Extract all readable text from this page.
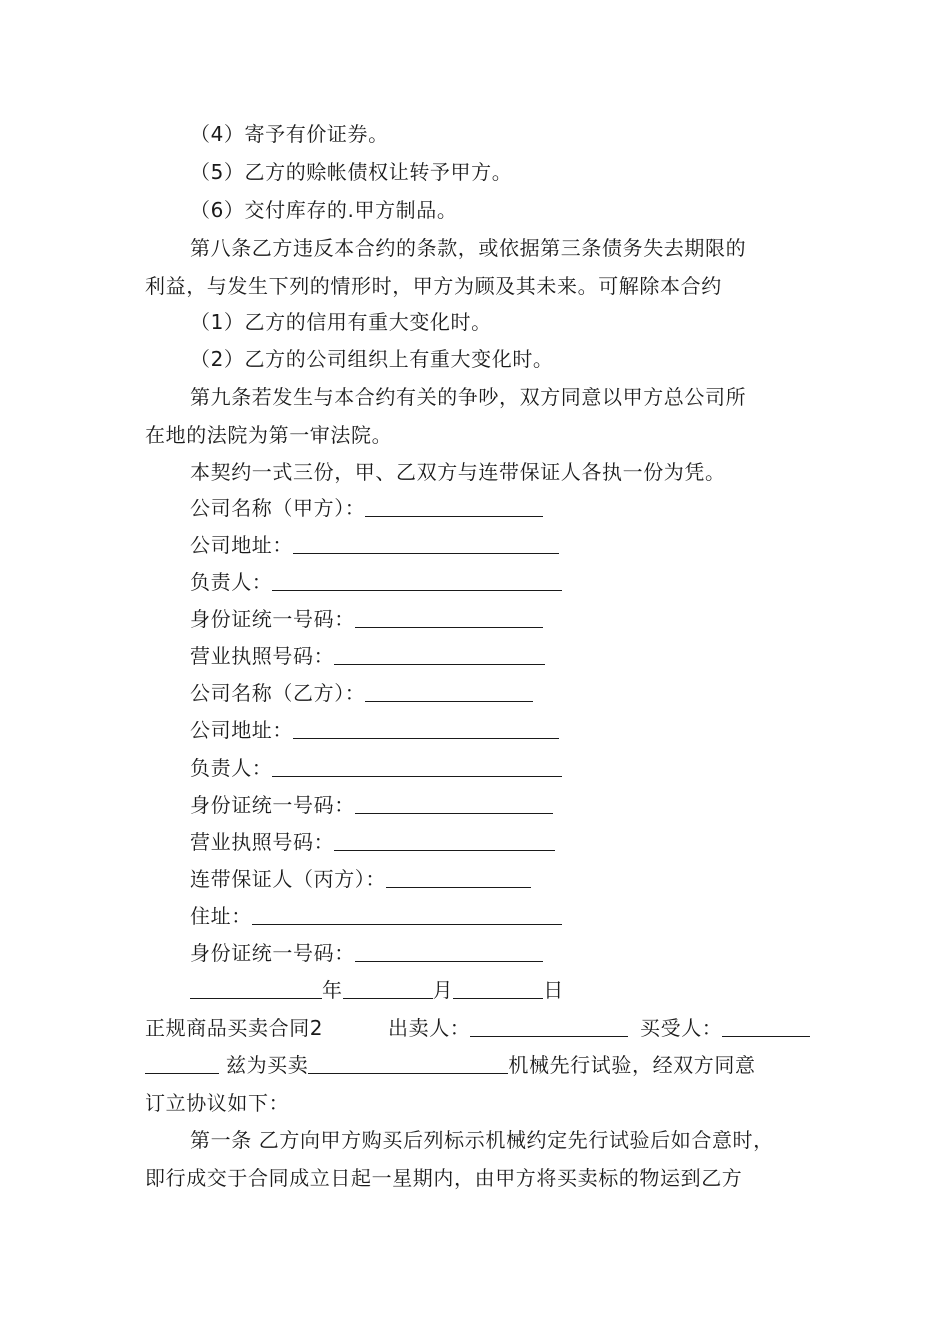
（4）寄予有价证券。
（5）乙方的赊帐债权让转予甲方。
（6）交付库存的.甲方制品。
第八条乙方违反本合约的条款，或依据第三条债务失去期限的
利益，与发生下列的情形时，甲方为顾及其未来。可解除本合约
（1）乙方的信用有重大变化时。
（2）乙方的公司组织上有重大变化时。
第九条若发生与本合约有关的争吵，双方同意以甲方总公司所
在地的法院为第一审法院。
本契约一式三份，甲、乙双方与连带保证人各执一份为凭。
公司名称（甲方）：
公司地址：
负责人：
身份证统一号码：
营业执照号码：
公司名称（乙方）：
公司地址：
负责人：
身份证统一号码：
营业执照号码：
连带保证人（丙方）：
住址：
身份证统一号码：
年	月	日
正规商品买卖合同2	出卖人：	买受人：
兹为买卖	机械先行试验，经双方同意
订立协议如下：
第一条 乙方向甲方购买后列标示机械约定先行试验后如合意时，
即行成交于合同成立日起一星期内，由甲方将买卖标的物运到乙方
